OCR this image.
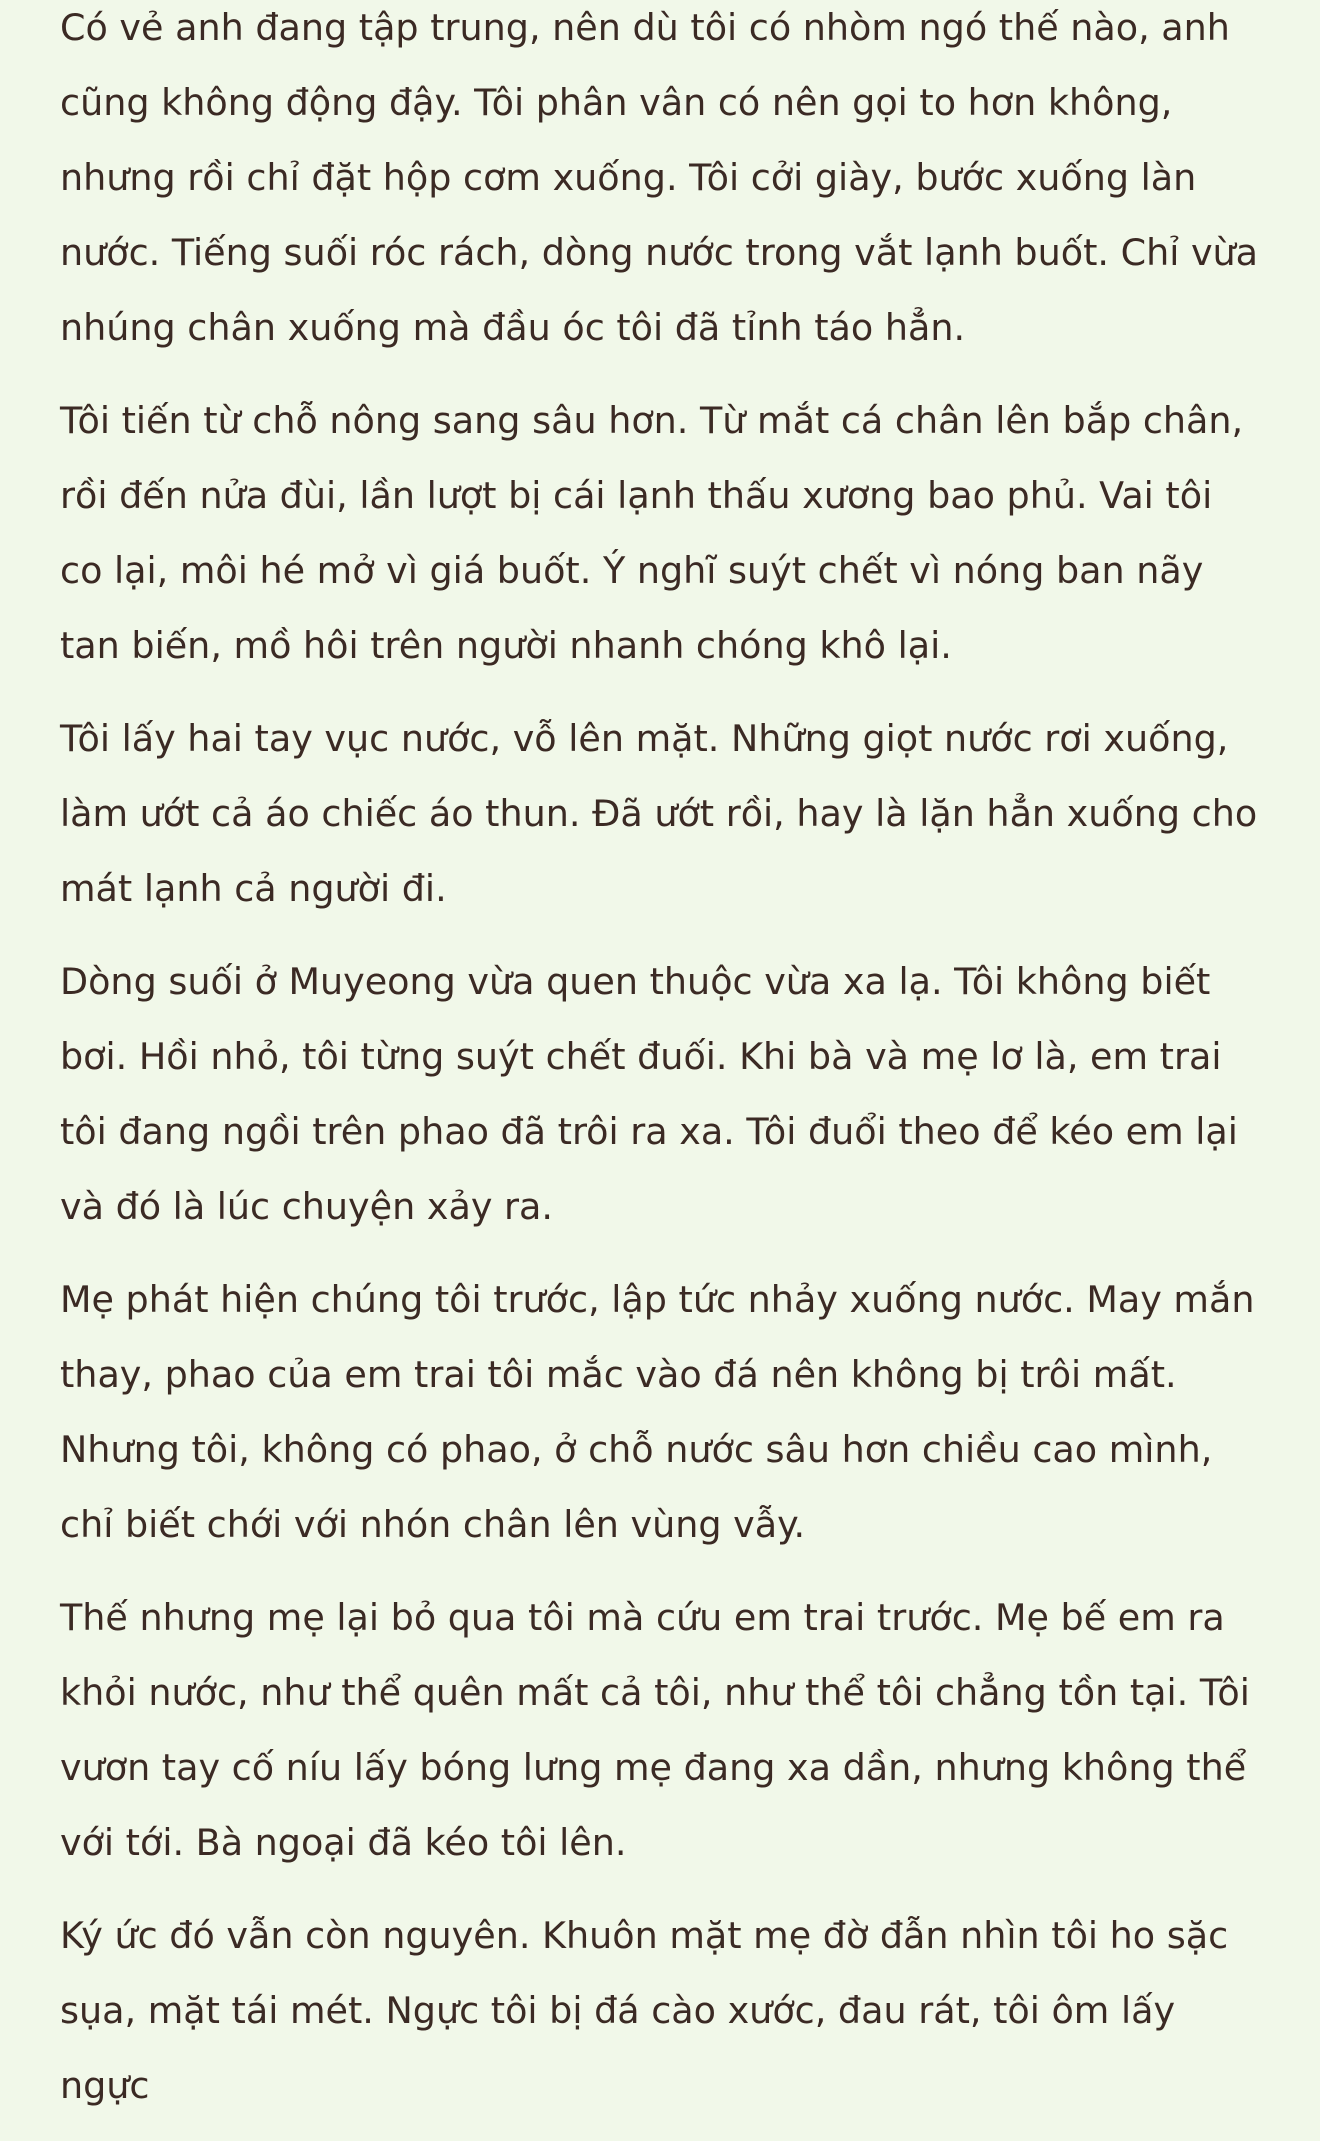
Có vẻ anh đang tập trung, nên dù tôi có nhòm ngó thế nào, anh cũng không động đậy. Tôi phân vân có nên gọi to hơn không, nhưng rồi chỉ đặt hộp cơm xuống. Tôi cởi giày, bước xuống làn nước. Tiếng suối róc rách, dòng nước trong vắt lạnh buốt. Chỉ vừa nhúng chân xuống mà đầu óc tôi đã tỉnh táo hẳn.

Tôi tiến từ chỗ nông sang sâu hơn. Từ mắt cá chân lên bắp chân, rồi đến nửa đùi, lần lượt bị cái lạnh thấu xương bao phủ. Vai tôi co lại, môi hé mở vì giá buốt. Ý nghĩ suýt chết vì nóng ban nãy tan biến, mồ hôi trên người nhanh chóng khô lại.

Tôi lấy hai tay vục nước, vỗ lên mặt. Những giọt nước rơi xuống, làm ướt cả áo chiếc áo thun. Đã ướt rồi, hay là lặn hẳn xuống cho mát lạnh cả người đi.

Dòng suối ở Muyeong vừa quen thuộc vừa xa lạ. Tôi không biết bơi. Hồi nhỏ, tôi từng suýt chết đuối. Khi bà và mẹ lơ là, em trai tôi đang ngồi trên phao đã trôi ra xa. Tôi đuổi theo để kéo em lại và đó là lúc chuyện xảy ra.

Mẹ phát hiện chúng tôi trước, lập tức nhảy xuống nước. May mắn thay, phao của em trai tôi mắc vào đá nên không bị trôi mất. Nhưng tôi, không có phao, ở chỗ nước sâu hơn chiều cao mình, chỉ biết chới với nhón chân lên vùng vẫy.

Thế nhưng mẹ lại bỏ qua tôi mà cứu em trai trước. Mẹ bế em ra khỏi nước, như thể quên mất cả tôi, như thể tôi chẳng tồn tại. Tôi vươn tay cố níu lấy bóng lưng mẹ đang xa dần, nhưng không thể với tới. Bà ngoại đã kéo tôi lên.

Ký ức đó vẫn còn nguyên. Khuôn mặt mẹ đờ đẫn nhìn tôi ho sặc sụa, mặt tái mét. Ngực tôi bị đá cào xước, đau rát, tôi ôm lấy ngực
